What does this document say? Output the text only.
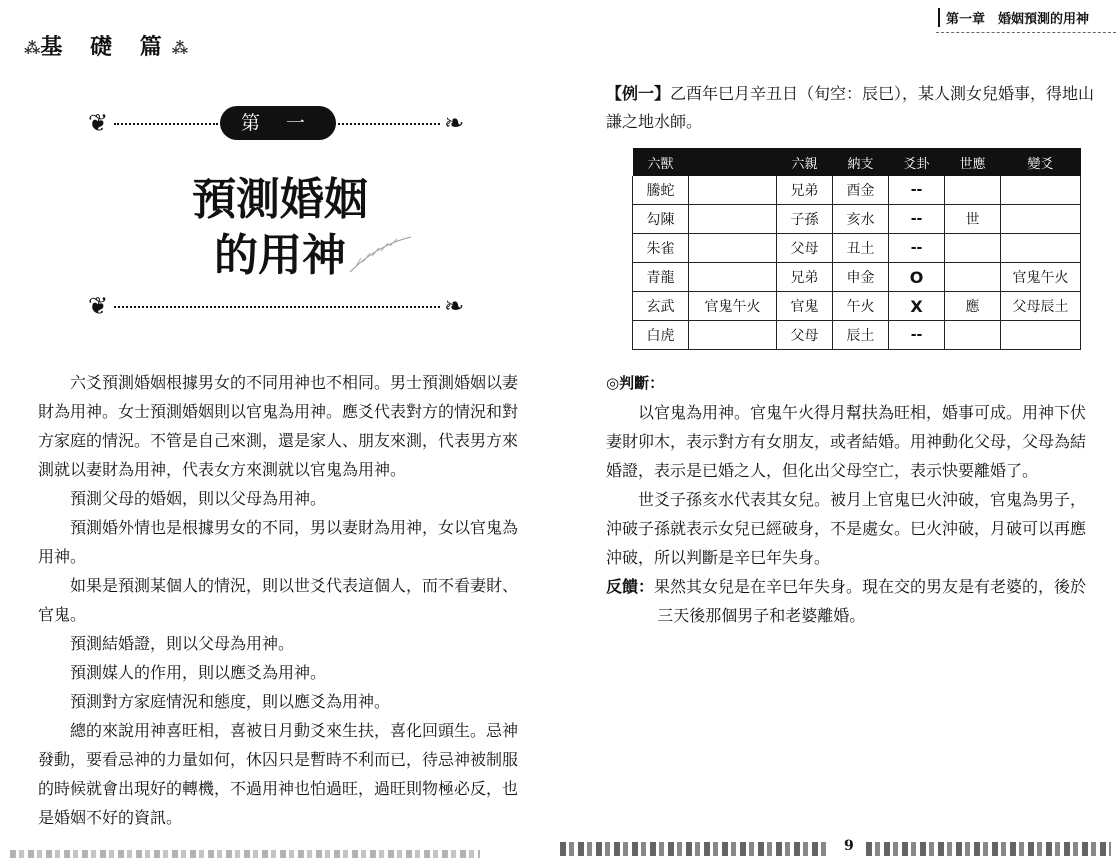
⁂基 礎 篇⁂
❦	第 一 章
❧
預測婚姻
的用神
❦	❧

六爻預測婚姻根據男女的不同用神也不相同。男士預測婚姻以妻財為用神。女士預測婚姻則以官鬼為用神。應爻代表對方的情況和對方家庭的情況。不管是自己來測，還是家人、朋友來測，代表男方來測就以妻財為用神，代表女方來測就以官鬼為用神。

預測父母的婚姻，則以父母為用神。

預測婚外情也是根據男女的不同，男以妻財為用神，女以官鬼為用神。

如果是預測某個人的情況，則以世爻代表這個人，而不看妻財、官鬼。

預測結婚證，則以父母為用神。

預測媒人的作用，則以應爻為用神。

預測對方家庭情況和態度，則以應爻為用神。

總的來說用神喜旺相，喜被日月動爻來生扶，喜化回頭生。忌神發動，要看忌神的力量如何，休囚只是暫時不利而已，待忌神被制服的時候就會出現好的轉機，不過用神也怕過旺，過旺則物極必反，也是婚姻不好的資訊。

第一章　婚姻預測的用神
【例一】乙酉年巳月辛丑日（旬空：辰巳），某人測女兒婚事，得地山謙之地水師。
六獸		六親	納支	爻卦	世應	變爻
騰蛇		兄弟	酉金	--		
勾陳		子孫	亥水	--	世	
朱雀		父母	丑土	--		
青龍		兄弟	申金	O		官鬼午火
玄武	官鬼午火	官鬼	午火	X	應	父母辰土
白虎		父母	辰土	--		
◎判斷：

以官鬼為用神。官鬼午火得月幫扶為旺相，婚事可成。用神下伏妻財卯木，表示對方有女朋友，或者結婚。用神動化父母，父母為結婚證，表示是已婚之人，但化出父母空亡，表示快要離婚了。

世爻子孫亥水代表其女兒。被月上官鬼巳火沖破，官鬼為男子，沖破子孫就表示女兒已經破身，不是處女。巳火沖破，月破可以再應沖破，所以判斷是辛巳年失身。

反饋：果然其女兒是在辛巳年失身。現在交的男友是有老婆的，後於三天後那個男子和老婆離婚。

9
